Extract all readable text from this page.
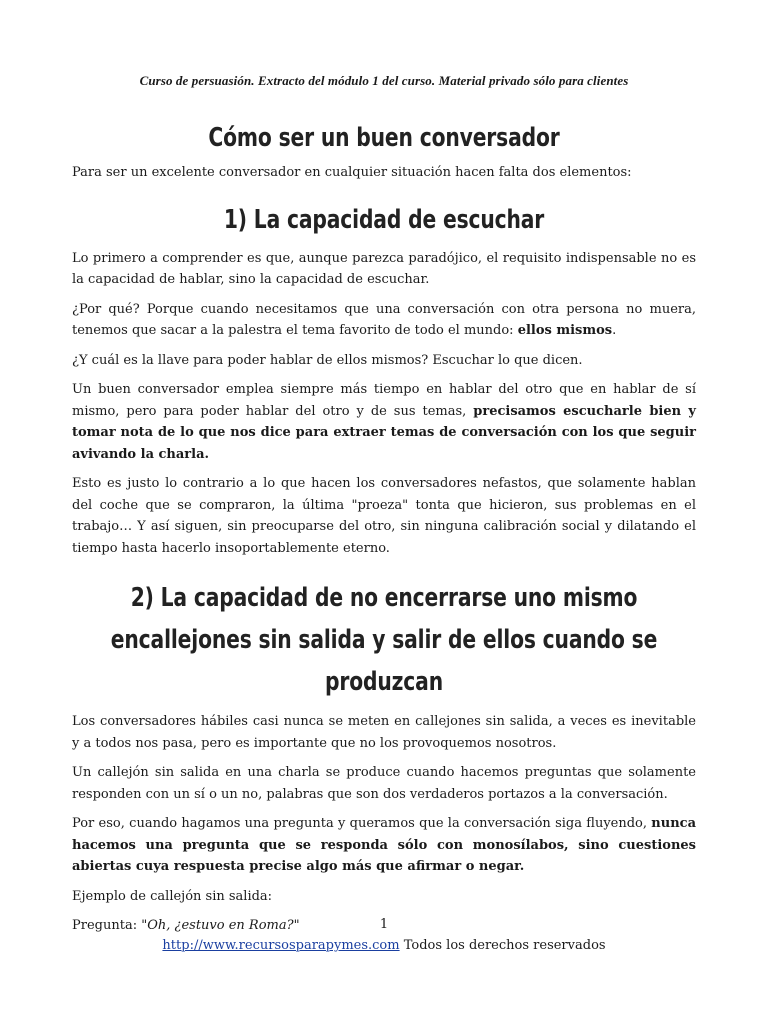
Curso de persuasión. Extracto del módulo 1 del curso. Material privado sólo para clientes
Cómo ser un buen conversador

Para ser un excelente conversador en cualquier situación hacen falta dos elementos:

1) La capacidad de escuchar

Lo primero a comprender es que, aunque parezca paradójico, el requisito indispensable no es la capacidad de hablar, sino la capacidad de escuchar.

¿Por qué? Porque cuando necesitamos que una conversación con otra persona no muera, tenemos que sacar a la palestra el tema favorito de todo el mundo: ellos mismos.

¿Y cuál es la llave para poder hablar de ellos mismos? Escuchar lo que dicen.

Un buen conversador emplea siempre más tiempo en hablar del otro que en hablar de sí mismo, pero para poder hablar del otro y de sus temas, precisamos escucharle bien y tomar nota de lo que nos dice para extraer temas de conversación con los que seguir avivando la charla.

Esto es justo lo contrario a lo que hacen los conversadores nefastos, que solamente hablan del coche que se compraron, la última "proeza" tonta que hicieron, sus problemas en el trabajo… Y así siguen, sin preocuparse del otro, sin ninguna calibración social y dilatando el tiempo hasta hacerlo insoportablemente eterno.

2) La capacidad de no encerrarse uno mismo encallejones sin salida y salir de ellos cuando se produzcan

Los conversadores hábiles casi nunca se meten en callejones sin salida, a veces es inevitable y a todos nos pasa, pero es importante que no los provoquemos nosotros.

Un callejón sin salida en una charla se produce cuando hacemos preguntas que solamente responden con un sí o un no, palabras que son dos verdaderos portazos a la conversación.

Por eso, cuando hagamos una pregunta y queramos que la conversación siga fluyendo, nunca hacemos una pregunta que se responda sólo con monosílabos, sino cuestiones abiertas cuya respuesta precise algo más que afirmar o negar.

Ejemplo de callejón sin salida:

Pregunta: "Oh, ¿estuvo en Roma?"	1
http://www.recursosparapymes.com Todos los derechos reservados
